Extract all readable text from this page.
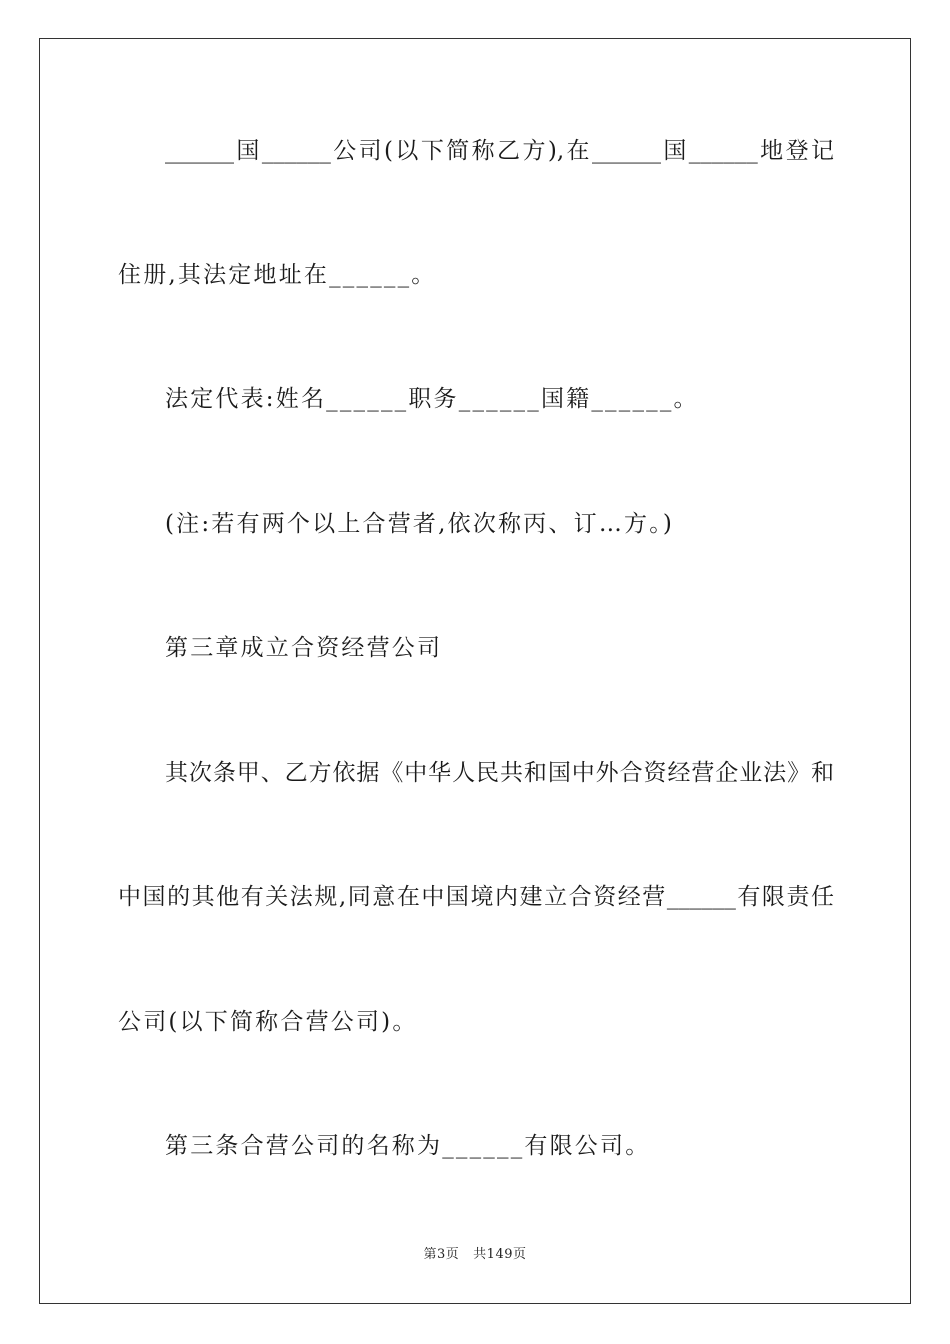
______国______公司(以下简称乙方),在______国______地登记
住册,其法定地址在______。
法定代表:姓名______职务______国籍______。
(注:若有两个以上合营者,依次称丙、订…方。)
第三章成立合资经营公司
其次条甲、乙方依据《中华人民共和国中外合资经营企业法》和
中国的其他有关法规,同意在中国境内建立合资经营______有限责任
公司(以下简称合营公司)。
第三条合营公司的名称为______有限公司。
第3页 共149页
